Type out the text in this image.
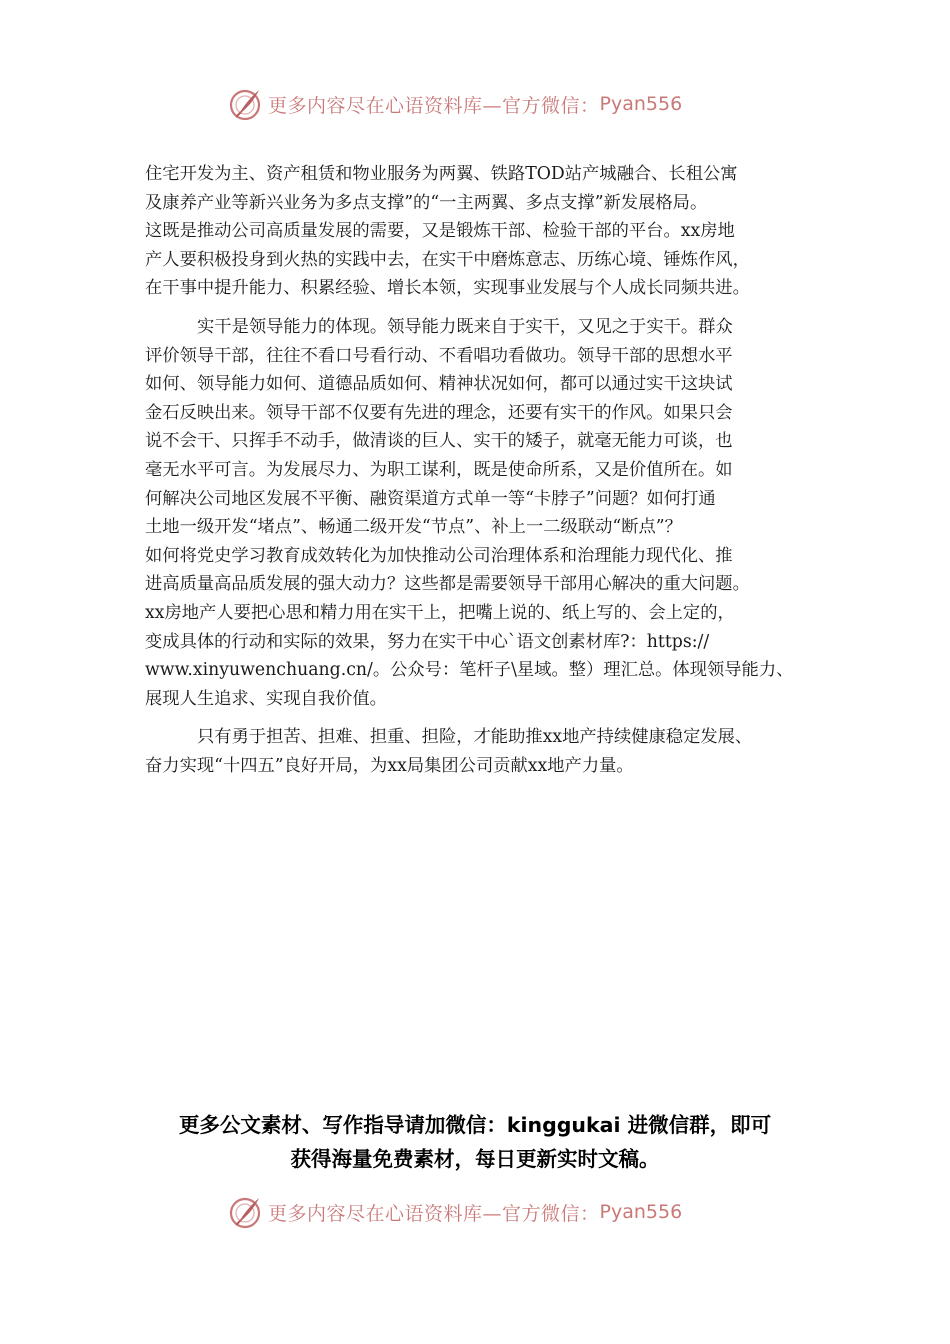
更多内容尽在心语资料库—官方微信： Pyan556

住宅开发为主、资产租赁和物业服务为两翼、铁路TOD站产城融合、长租公寓
及康养产业等新兴业务为多点支撑”的“一主两翼、多点支撑”新发展格局。
这既是推动公司高质量发展的需要，又是锻炼干部、检验干部的平台。xx房地
产人要积极投身到火热的实践中去，在实干中磨炼意志、历练心境、锤炼作风，
在干事中提升能力、积累经验、增长本领，实现事业发展与个人成长同频共进。

实干是领导能力的体现。领导能力既来自于实干，又见之于实干。群众
评价领导干部，往往不看口号看行动、不看唱功看做功。领导干部的思想水平
如何、领导能力如何、道德品质如何、精神状况如何，都可以通过实干这块试
金石反映出来。领导干部不仅要有先进的理念，还要有实干的作风。如果只会
说不会干、只挥手不动手，做清谈的巨人、实干的矮子，就毫无能力可谈，也
毫无水平可言。为发展尽力、为职工谋利，既是使命所系，又是价值所在。如
何解决公司地区发展不平衡、融资渠道方式单一等“卡脖子”问题？如何打通
土地一级开发“堵点”、畅通二级开发“节点”、补上一二级联动“断点”？
如何将党史学习教育成效转化为加快推动公司治理体系和治理能力现代化、推
进高质量高品质发展的强大动力？这些都是需要领导干部用心解决的重大问题。
xx房地产人要把心思和精力用在实干上，把嘴上说的、纸上写的、会上定的，
变成具体的行动和实际的效果，努力在实干中心`语文创素材库?：https://
www.xinyuwenchuang.cn/。公众号：笔杆子\星域。整）理汇总。体现领导能力、
展现人生追求、实现自我价值。

只有勇于担苦、担难、担重、担险，才能助推xx地产持续健康稳定发展、
奋力实现“十四五”良好开局，为xx局集团公司贡献xx地产力量。

更多公文素材、写作指导请加微信：kinggukai 进微信群，即可
获得海量免费素材，每日更新实时文稿。
更多内容尽在心语资料库—官方微信： Pyan556
